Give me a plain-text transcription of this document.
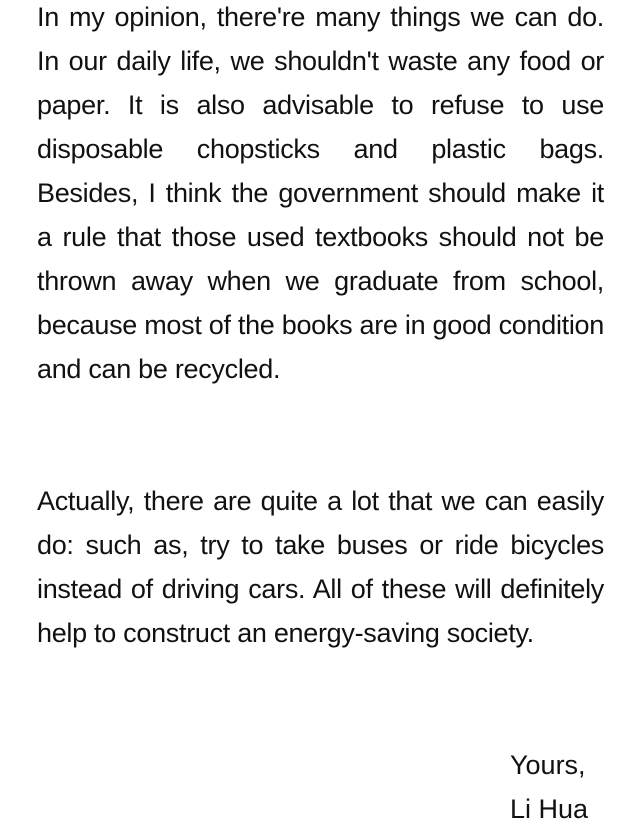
In my opinion, there're many things we can do. In our daily life, we shouldn't waste any food or paper. It is also advisable to refuse to use disposable chopsticks and plastic bags. Besides, I think the government should make it a rule that those used textbooks should not be thrown away when we graduate from school, because most of the books are in good condition and can be recycled.

Actually, there are quite a lot that we can easily do: such as, try to take buses or ride bicycles instead of driving cars. All of these will definitely help to construct an energy-saving society.

Yours,
Li Hua
